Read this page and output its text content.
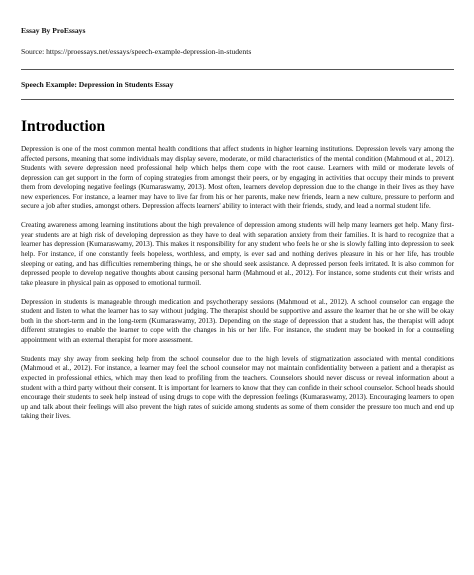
Essay By ProEssays
Source: https://proessays.net/essays/speech-example-depression-in-students
Speech Example: Depression in Students Essay
Introduction

Depression is one of the most common mental health conditions that affect students in higher learning institutions. Depression levels vary among the affected persons, meaning that some individuals may display severe, moderate, or mild characteristics of the mental condition (Mahmoud et al., 2012). Students with severe depression need professional help which helps them cope with the root cause. Learners with mild or moderate levels of depression can get support in the form of coping strategies from amongst their peers, or by engaging in activities that occupy their minds to prevent them from developing negative feelings (Kumaraswamy, 2013). Most often, learners develop depression due to the change in their lives as they have new experiences. For instance, a learner may have to live far from his or her parents, make new friends, learn a new culture, pressure to perform and secure a job after studies, amongst others. Depression affects learners' ability to interact with their friends, study, and lead a normal student life.

Creating awareness among learning institutions about the high prevalence of depression among students will help many learners get help. Many first-year students are at high risk of developing depression as they have to deal with separation anxiety from their families. It is hard to recognize that a learner has depression (Kumaraswamy, 2013). This makes it responsibility for any student who feels he or she is slowly falling into depression to seek help. For instance, if one constantly feels hopeless, worthless, and empty, is ever sad and nothing derives pleasure in his or her life, has trouble sleeping or eating, and has difficulties remembering things, he or she should seek assistance. A depressed person feels irritated. It is also common for depressed people to develop negative thoughts about causing personal harm (Mahmoud et al., 2012). For instance, some students cut their wrists and take pleasure in physical pain as opposed to emotional turmoil.

Depression in students is manageable through medication and psychotherapy sessions (Mahmoud et al., 2012). A school counselor can engage the student and listen to what the learner has to say without judging. The therapist should be supportive and assure the learner that he or she will be okay both in the short-term and in the long-term (Kumaraswamy, 2013). Depending on the stage of depression that a student has, the therapist will adopt different strategies to enable the learner to cope with the changes in his or her life. For instance, the student may be booked in for a counseling appointment with an external therapist for more assessment.

Students may shy away from seeking help from the school counselor due to the high levels of stigmatization associated with mental conditions (Mahmoud et al., 2012). For instance, a learner may feel the school counselor may not maintain confidentiality between a patient and a therapist as expected in professional ethics, which may then lead to profiling from the teachers. Counselors should never discuss or reveal information about a student with a third party without their consent. It is important for learners to know that they can confide in their school counselor. School heads should encourage their students to seek help instead of using drugs to cope with the depression feelings (Kumaraswamy, 2013). Encouraging learners to open up and talk about their feelings will also prevent the high rates of suicide among students as some of them consider the pressure too much and end up taking their lives.
